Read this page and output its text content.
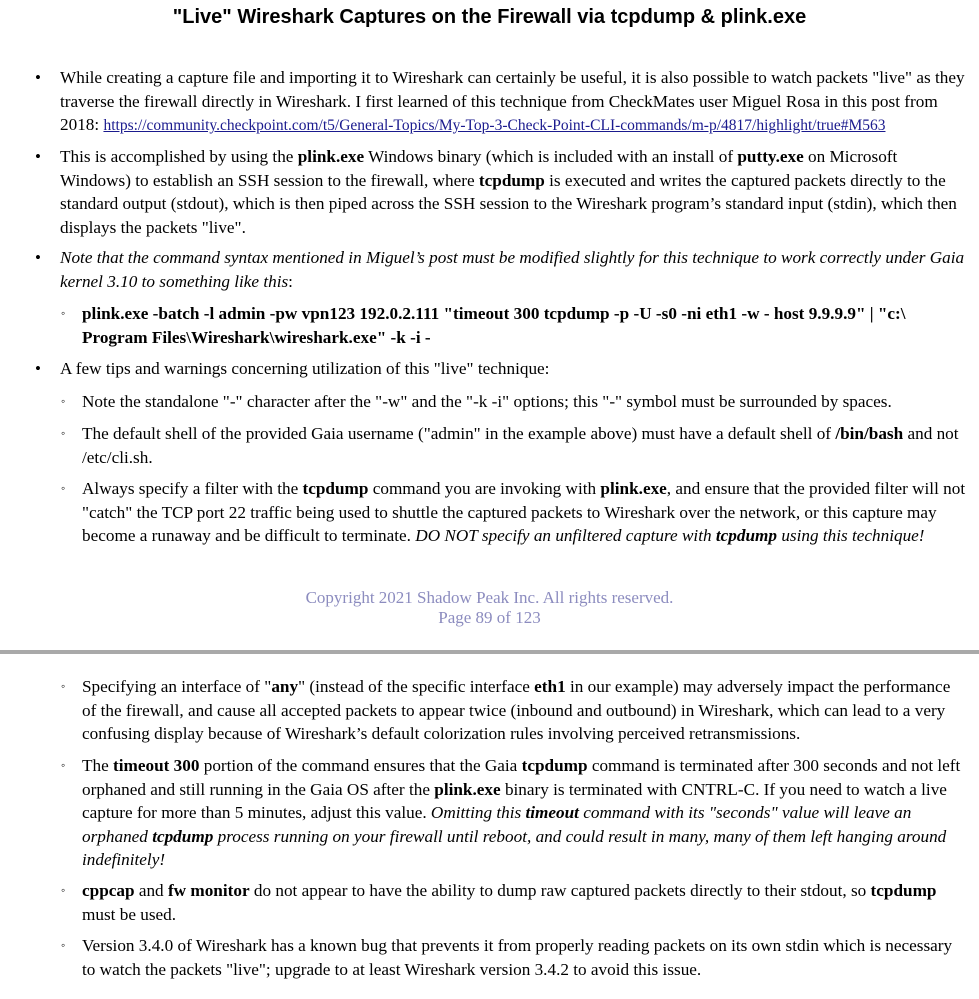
"Live" Wireshark Captures on the Firewall via tcpdump & plink.exe
• While creating a capture file and importing it to Wireshark can certainly be useful, it is also possible to watch packets "live" as they traverse the firewall directly in Wireshark. I first learned of this technique from CheckMates user Miguel Rosa in this post from 2018: https://community.checkpoint.com/t5/General-Topics/My-Top-3-Check-Point-CLI-commands/m-p/4817/highlight/true#M563
• This is accomplished by using the plink.exe Windows binary (which is included with an install of putty.exe on Microsoft Windows) to establish an SSH session to the firewall, where tcpdump is executed and writes the captured packets directly to the standard output (stdout), which is then piped across the SSH session to the Wireshark program’s standard input (stdin), which then displays the packets "live".
• Note that the command syntax mentioned in Miguel’s post must be modified slightly for this technique to work correctly under Gaia kernel 3.10 to something like this:
◦ plink.exe -batch -l admin -pw vpn123 192.0.2.111 "timeout 300 tcpdump -p -U -s0 -ni eth1 -w - host 9.9.9.9" | "c:\ Program Files\Wireshark\wireshark.exe" -k -i -
• A few tips and warnings concerning utilization of this "live" technique:
◦ Note the standalone "-" character after the "-w" and the "-k -i" options; this "-" symbol must be surrounded by spaces.
◦ The default shell of the provided Gaia username ("admin" in the example above) must have a default shell of /bin/bash and not /etc/cli.sh.
◦ Always specify a filter with the tcpdump command you are invoking with plink.exe, and ensure that the provided filter will not "catch" the TCP port 22 traffic being used to shuttle the captured packets to Wireshark over the network, or this capture may become a runaway and be difficult to terminate. DO NOT specify an unfiltered capture with tcpdump using this technique!
Copyright 2021 Shadow Peak Inc. All rights reserved.
Page 89 of 123
◦ Specifying an interface of "any" (instead of the specific interface eth1 in our example) may adversely impact the performance of the firewall, and cause all accepted packets to appear twice (inbound and outbound) in Wireshark, which can lead to a very confusing display because of Wireshark’s default colorization rules involving perceived retransmissions.
◦ The timeout 300 portion of the command ensures that the Gaia tcpdump command is terminated after 300 seconds and not left orphaned and still running in the Gaia OS after the plink.exe binary is terminated with CNTRL-C. If you need to watch a live capture for more than 5 minutes, adjust this value. Omitting this timeout command with its "seconds" value will leave an orphaned tcpdump process running on your firewall until reboot, and could result in many, many of them left hanging around indefinitely!
◦ cppcap and fw monitor do not appear to have the ability to dump raw captured packets directly to their stdout, so tcpdump must be used.
◦ Version 3.4.0 of Wireshark has a known bug that prevents it from properly reading packets on its own stdin which is necessary to watch the packets "live"; upgrade to at least Wireshark version 3.4.2 to avoid this issue.
